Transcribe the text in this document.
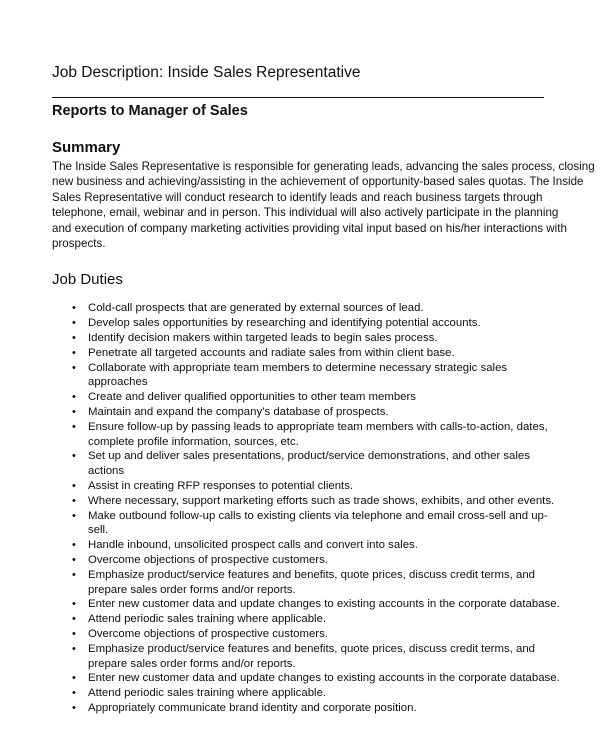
Job Description: Inside Sales Representative
Reports to Manager of Sales
Summary

The Inside Sales Representative is responsible for generating leads, advancing the sales process, closing
new business and achieving/assisting in the achievement of opportunity-based sales quotas. The Inside
Sales Representative will conduct research to identify leads and reach business targets through
telephone, email, webinar and in person. This individual will also actively participate in the planning
and execution of company marketing activities providing vital input based on his/her interactions with
prospects.

Job Duties
• Cold-call prospects that are generated by external sources of lead.
• Develop sales opportunities by researching and identifying potential accounts.
• Identify decision makers within targeted leads to begin sales process.
• Penetrate all targeted accounts and radiate sales from within client base.
• Collaborate with appropriate team members to determine necessary strategic sales approaches
• Create and deliver qualified opportunities to other team members
• Maintain and expand the company’s database of prospects.
• Ensure follow-up by passing leads to appropriate team members with calls-to-action, dates,
complete profile information, sources, etc.
• Set up and deliver sales presentations, product/service demonstrations, and other sales actions
• Assist in creating RFP responses to potential clients.
• Where necessary, support marketing efforts such as trade shows, exhibits, and other events.
• Make outbound follow-up calls to existing clients via telephone and email cross-sell and up-sell.
• Handle inbound, unsolicited prospect calls and convert into sales.
• Overcome objections of prospective customers.
• Emphasize product/service features and benefits, quote prices, discuss credit terms, and
prepare sales order forms and/or reports.
• Enter new customer data and update changes to existing accounts in the corporate database.
• Attend periodic sales training where applicable.
• Overcome objections of prospective customers.
• Emphasize product/service features and benefits, quote prices, discuss credit terms, and
prepare sales order forms and/or reports.
• Enter new customer data and update changes to existing accounts in the corporate database.
• Attend periodic sales training where applicable.
• Appropriately communicate brand identity and corporate position.
